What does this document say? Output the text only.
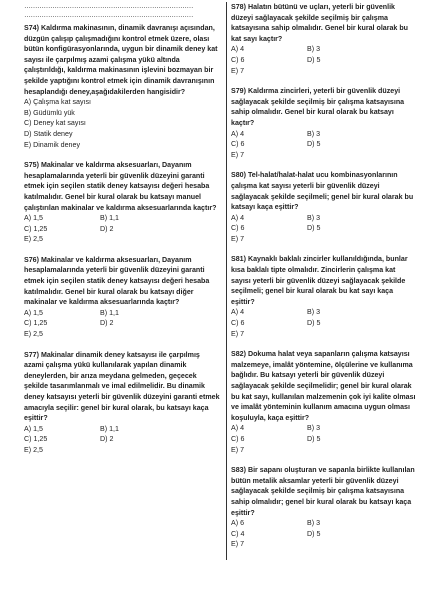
……………………………………………………………………
……………………………………………………………………
S74) Kaldırma makinasının, dinamik davranışı açısından, düzgün çalışıp çalışmadığını kontrol etmek üzere, olası bütün konfigürasyonlarında, uygun bir dinamik deney kat sayısı ile çarpılmış azami çalışma yükü altında çalıştırıldığı, kaldırma makinasının işlevini bozmayan bir şekilde yaptığını kontrol etmek için dinamik davranışının hesaplandığı deney,aşağıdakilerden hangisidir?
A) Çalışma kat sayısı
B) Güdümlü yük
C) Deney kat sayısı
D) Statik deney
E) Dinamik deney
S75) Makinalar ve kaldırma aksesuarları, Dayanım hesaplamalarında yeterli bir güvenlik düzeyini garanti etmek için seçilen statik deney katsayısı değeri hesaba katılmalıdır. Genel bir kural olarak bu katsayı manuel çalıştırılan makinalar ve kaldırma aksesuarlarında kaçtır?
A) 1,5	B) 1,1
C) 1,25	D) 2
E) 2,5
S76) Makinalar ve kaldırma aksesuarları, Dayanım hesaplamalarında yeterli bir güvenlik düzeyini garanti etmek için seçilen statik deney katsayısı değeri hesaba katılmalıdır. Genel bir kural olarak bu katsayı diğer makinalar ve kaldırma aksesuarlarında kaçtır?
A) 1,5	B) 1,1
C) 1,25	D) 2
E) 2,5
S77) Makinalar dinamik deney katsayısı ile çarpılmış azami çalışma yükü kullanılarak yapılan dinamik deneylerden, bir arıza meydana gelmeden, geçecek şekilde tasarımlanmalı ve imal edilmelidir. Bu dinamik deney katsayısı yeterli bir güvenlik düzeyini garanti etmek amacıyla seçilir: genel bir kural olarak, bu katsayı kaça eşittir?
A) 1,5	B) 1,1
C) 1,25	D) 2
E) 2,5
S78) Halatın bütünü ve uçları, yeterli bir güvenlik düzeyi sağlayacak şekilde seçilmiş bir çalışma katsayısına sahip olmalıdır. Genel bir kural olarak bu kat sayı kaçtır?
A) 4	B) 3
C) 6	D) 5
E) 7
S79) Kaldırma zincirleri, yeterli bir güvenlik düzeyi sağlayacak şekilde seçilmiş bir çalışma katsayısına sahip olmalıdır. Genel bir kural olarak bu katsayı kaçtır?
A) 4	B) 3
C) 6	D) 5
E) 7
S80) Tel-halat/halat-halat ucu kombinasyonlarının çalışma kat sayısı yeterli bir güvenlik düzeyi sağlayacak şekilde seçilmeli; genel bir kural olarak bu katsayı kaça eşittir?
A) 4	B) 3
C) 6	D) 5
E) 7
S81) Kaynaklı baklalı zincirler kullanıldığında, bunlar kısa baklalı tipte olmalıdır. Zincirlerin çalışma kat sayısı yeterli bir güvenlik düzeyi sağlayacak şekilde seçilmeli; genel bir kural olarak bu kat sayı kaça eşittir?
A) 4	B) 3
C) 6	D) 5
E) 7
S82) Dokuma halat veya sapanların çalışma katsayısı malzemeye, imalât yöntemine, ölçülerine ve kullanıma bağlıdır. Bu katsayı yeterli bir güvenlik düzeyi sağlayacak şekilde seçilmelidir; genel bir kural olarak bu kat sayı, kullanılan malzemenin çok iyi kalite olması ve imalât yönteminin kullanım amacına uygun olması koşuluyla, kaça eşittir?
A) 4	B) 3
C) 6	D) 5
E) 7
S83) Bir sapanı oluşturan ve sapanla birlikte kullanılan bütün metalik aksamlar yeterli bir güvenlik düzeyi sağlayacak şekilde seçilmiş bir çalışma katsayısına sahip olmalıdır; genel bir kural olarak bu katsayı kaça eşittir?
A) 6	B) 3
C) 4	D) 5
E) 7
